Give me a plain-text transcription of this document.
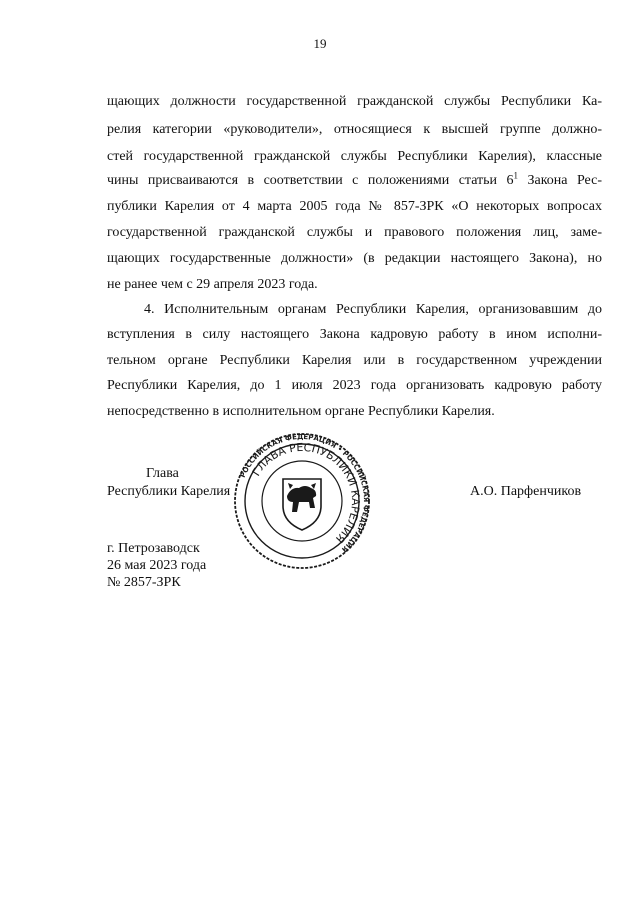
19
щающих должности государственной гражданской службы Республики Ка-
релия категории «руководители», относящиеся к высшей группе должно-
стей государственной гражданской службы Республики Карелия), классные
чины присваиваются в соответствии с положениями статьи $6^1$ Закона Рес-
публики Карелия от 4 марта 2005 года № 857-ЗРК «О некоторых вопросах
государственной гражданской службы и правового положения лиц, заме-
щающих государственные должности» (в редакции настоящего Закона), но
не ранее чем с 29 апреля 2023 года.
4. Исполнительным органам Республики Карелия, организовавшим до
вступления в силу настоящего Закона кадровую работу в ином исполни-
тельном органе Республики Карелия или в государственном учреждении
Республики Карелия, до 1 июля 2023 года организовать кадровую работу
непосредственно в исполнительном органе Республики Карелия.
Глава
Республики Карелия	А.О. Парфенчиков
РОССИЙСКАЯ ФЕДЕРАЦИЯ • РОССИЙСКАЯ ФЕДЕРАЦИЯ
ГЛАВА РЕСПУБЛИКИ КАРЕЛИЯ
г. Петрозаводск
26 мая 2023 года
№ 2857-ЗРК
